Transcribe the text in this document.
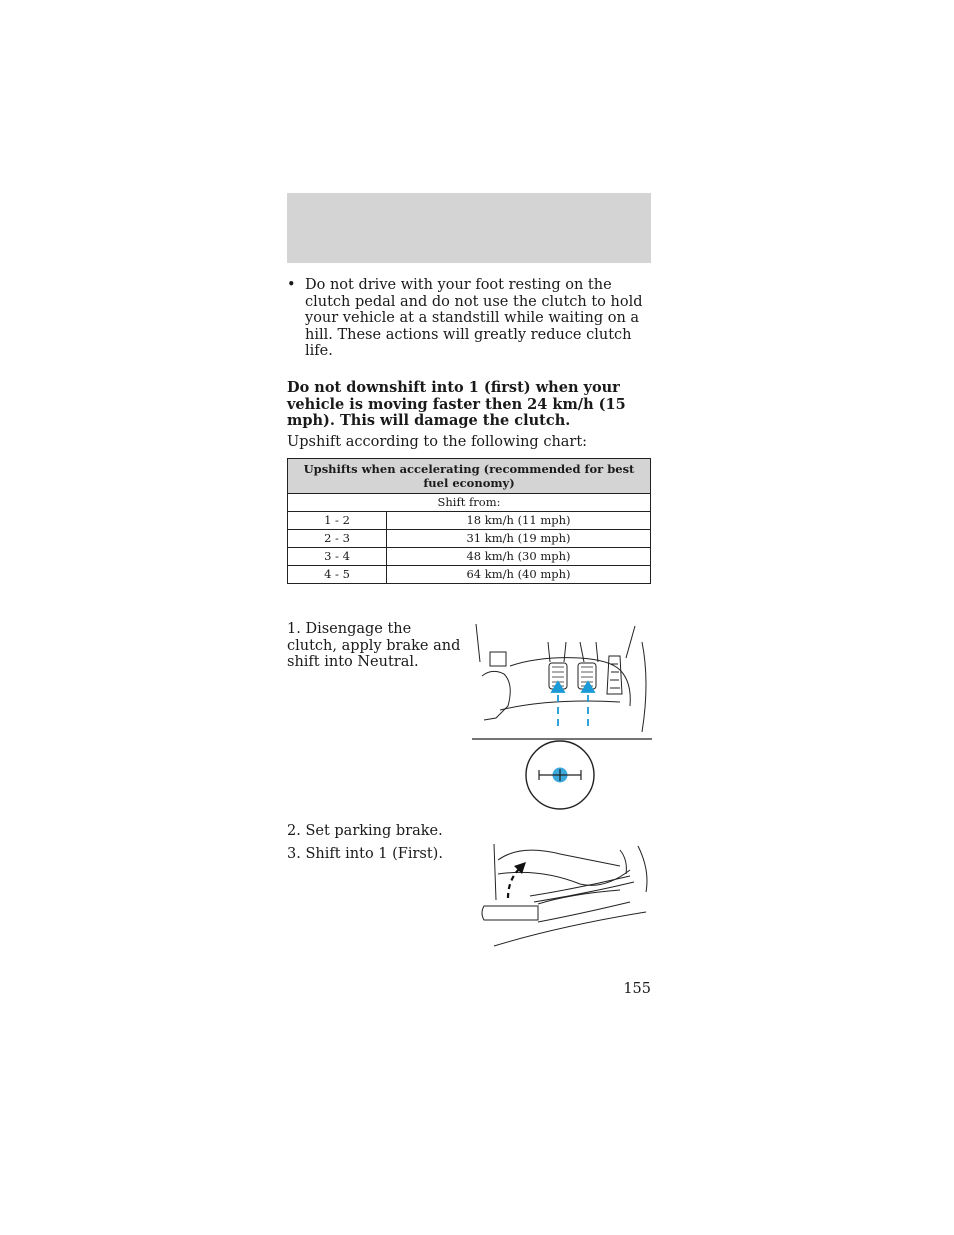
• Do not drive with your foot resting on the clutch pedal and do not use the clutch to hold your vehicle at a standstill while waiting on a hill. These actions will greatly reduce clutch life.
Do not downshift into 1 (first) when your vehicle is moving faster then 24 km/h (15 mph). This will damage the clutch.
Upshift according to the following chart:
Upshifts when accelerating (recommended for best fuel economy)	
Shift from:	
1 - 2	18 km/h (11 mph)
2 - 3	31 km/h (19 mph)
3 - 4	48 km/h (30 mph)
4 - 5	64 km/h (40 mph)
1. Disengage the clutch, apply brake and shift into Neutral.
2. Set parking brake.
3. Shift into 1 (First).
155
